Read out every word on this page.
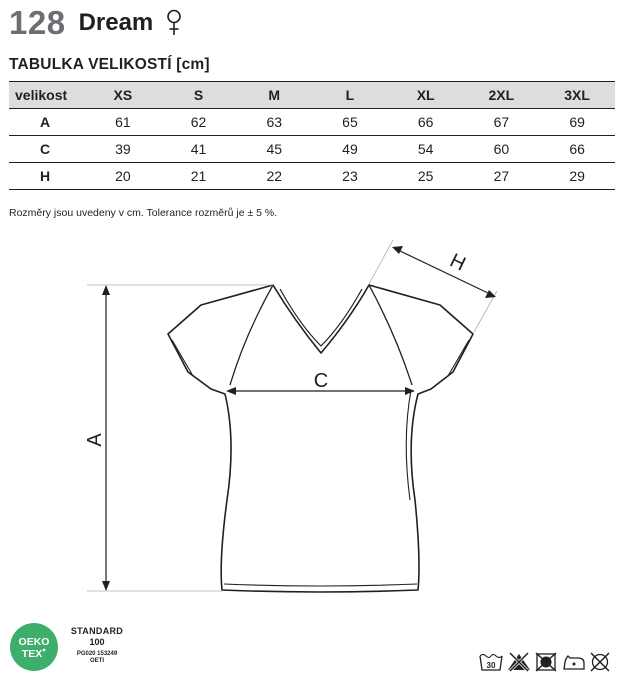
128 Dream
TABULKA VELIKOSTÍ [cm]
velikost	XS	S	M	L	XL	2XL	3XL
A	61	62	63	65	66	67	69
C	39	41	45	49	54	60	66
H	20	21	22	23	25	27	29
Rozměry jsou uvedeny v cm. Tolerance rozměrů je ± 5 %.
A
C
H
OEKO
TEX
STANDARD
100
PG020 153249
OETI	30
